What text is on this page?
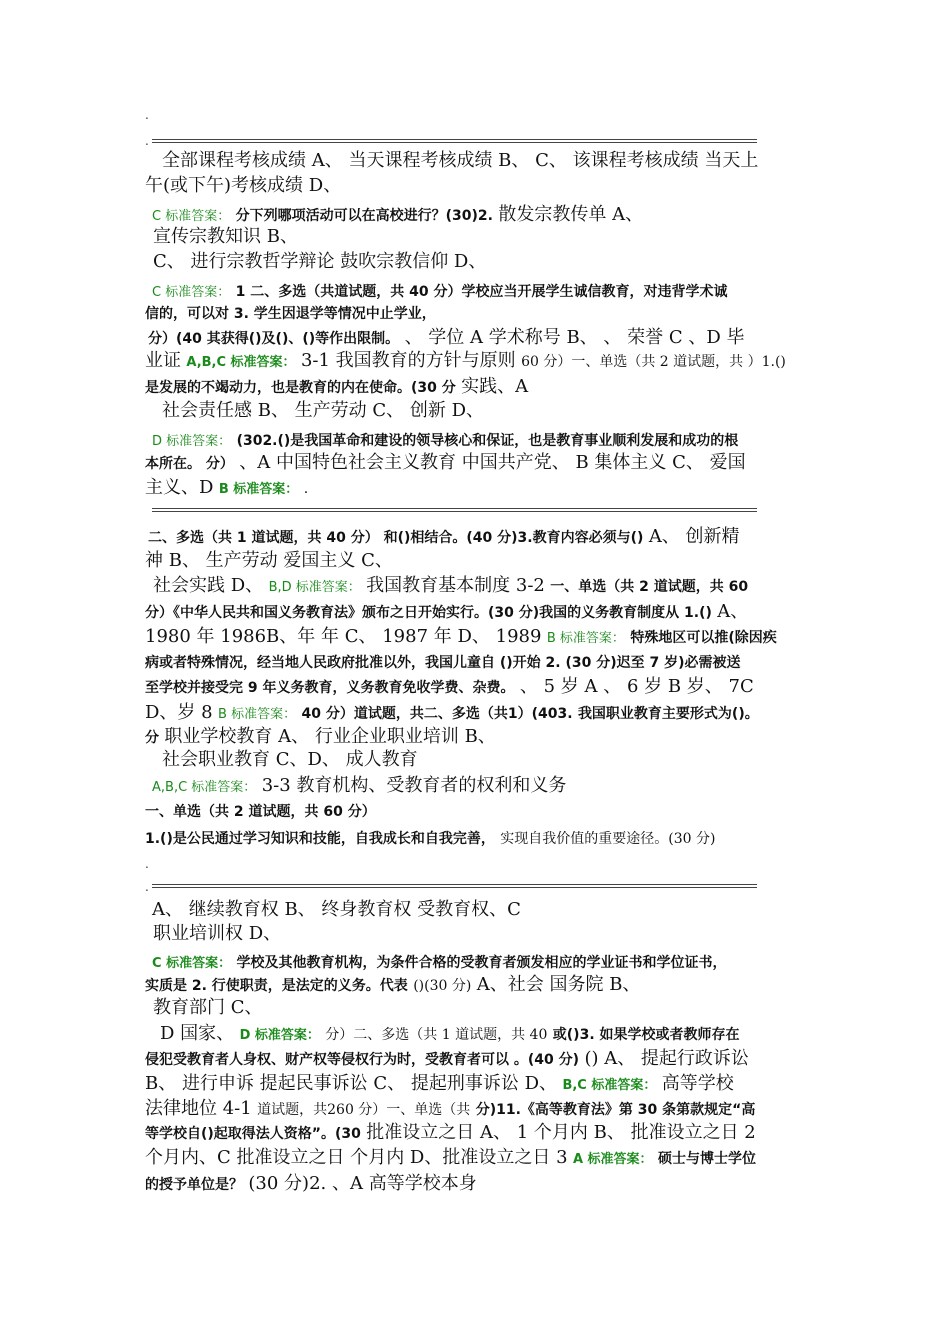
.
.
全部课程考核成绩 A、 当天课程考核成绩 B、 C、 该课程考核成绩 当天上
午(或下午)考核成绩 D、
C 标准答案： 分下列哪项活动可以在高校进行？(30)2. 散发宗教传单 A、
宣传宗教知识 B、
C、 进行宗教哲学辩论 鼓吹宗教信仰 D、
C 标准答案： 1 二、多选（共道试题，共 40 分）学校应当开展学生诚信教育，对违背学术诚
信的，可以对 3. 学生因退学等情况中止学业，
分）(40 其获得()及()、()等作出限制。 、 学位 A 学术称号 B、 、 荣誉 C 、D 毕
业证 A,B,C 标准答案： 3-1 我国教育的方针与原则 60 分）一、单选（共 2 道试题，共 ）1.()
是发展的不竭动力，也是教育的内在使命。(30 分 实践、A
社会责任感 B、 生产劳动 C、 创新 D、
D 标准答案： (302.()是我国革命和建设的领导核心和保证，也是教育事业顺利发展和成功的根
本所在。 分） 、A 中国特色社会主义教育 中国共产党、 B 集体主义 C、 爱国
主义、D B 标准答案： .
二、多选（共 1 道试题，共 40 分） 和()相结合。(40 分)3.教育内容必须与() A、 创新精
神 B、 生产劳动 爱国主义 C、
社会实践 D、 B,D 标准答案： 我国教育基本制度 3-2 一、单选（共 2 道试题，共 60
分）《中华人民共和国义务教育法》颁布之日开始实行。(30 分)我国的义务教育制度从 1.() A、
1980 年 1986B、年 年 C、 1987 年 D、 1989 B 标准答案： 特殊地区可以推(除因疾
病或者特殊情况，经当地人民政府批准以外，我国儿童自 ()开始 2. (30 分)迟至 7 岁)必需被送
至学校并接受完 9 年义务教育，义务教育免收学费、杂费。 、 5 岁 A 、 6 岁 B 岁、 7C
D、岁 8 B 标准答案： 40 分）道试题，共二、多选（共1）(403. 我国职业教育主要形式为()。
分 职业学校教育 A、 行业企业职业培训 B、
社会职业教育 C、D、 成人教育
A,B,C 标准答案： 3-3 教育机构、受教育者的权利和义务
一、单选（共 2 道试题，共 60 分）
1.()是公民通过学习知识和技能，自我成长和自我完善， 实现自我价值的重要途径。(30 分)
.
.
A、 继续教育权 B、 终身教育权 受教育权、C
职业培训权 D、
C 标准答案： 学校及其他教育机构，为条件合格的受教育者颁发相应的学业证书和学位证书，
实质是 2. 行使职责，是法定的义务。代表 ()(30 分) A、社会 国务院 B、
教育部门 C、
D 国家、 D 标准答案： 分）二、多选（共 1 道试题，共 40 或()3. 如果学校或者教师存在
侵犯受教育者人身权、财产权等侵权行为时，受教育者可以 。(40 分) () A、 提起行政诉讼
B、 进行申诉 提起民事诉讼 C、 提起刑事诉讼 D、 B,C 标准答案： 高等学校
法律地位 4-1 道试题，共260 分）一、单选（共 分)11.《高等教育法》第 30 条第款规定“高
等学校自()起取得法人资格”。(30 批准设立之日 A、 1 个月内 B、 批准设立之日 2
个月内、C 批准设立之日 个月内 D、批准设立之日 3 A 标准答案： 硕士与博士学位
的授予单位是？ (30 分)2. 、A 高等学校本身
